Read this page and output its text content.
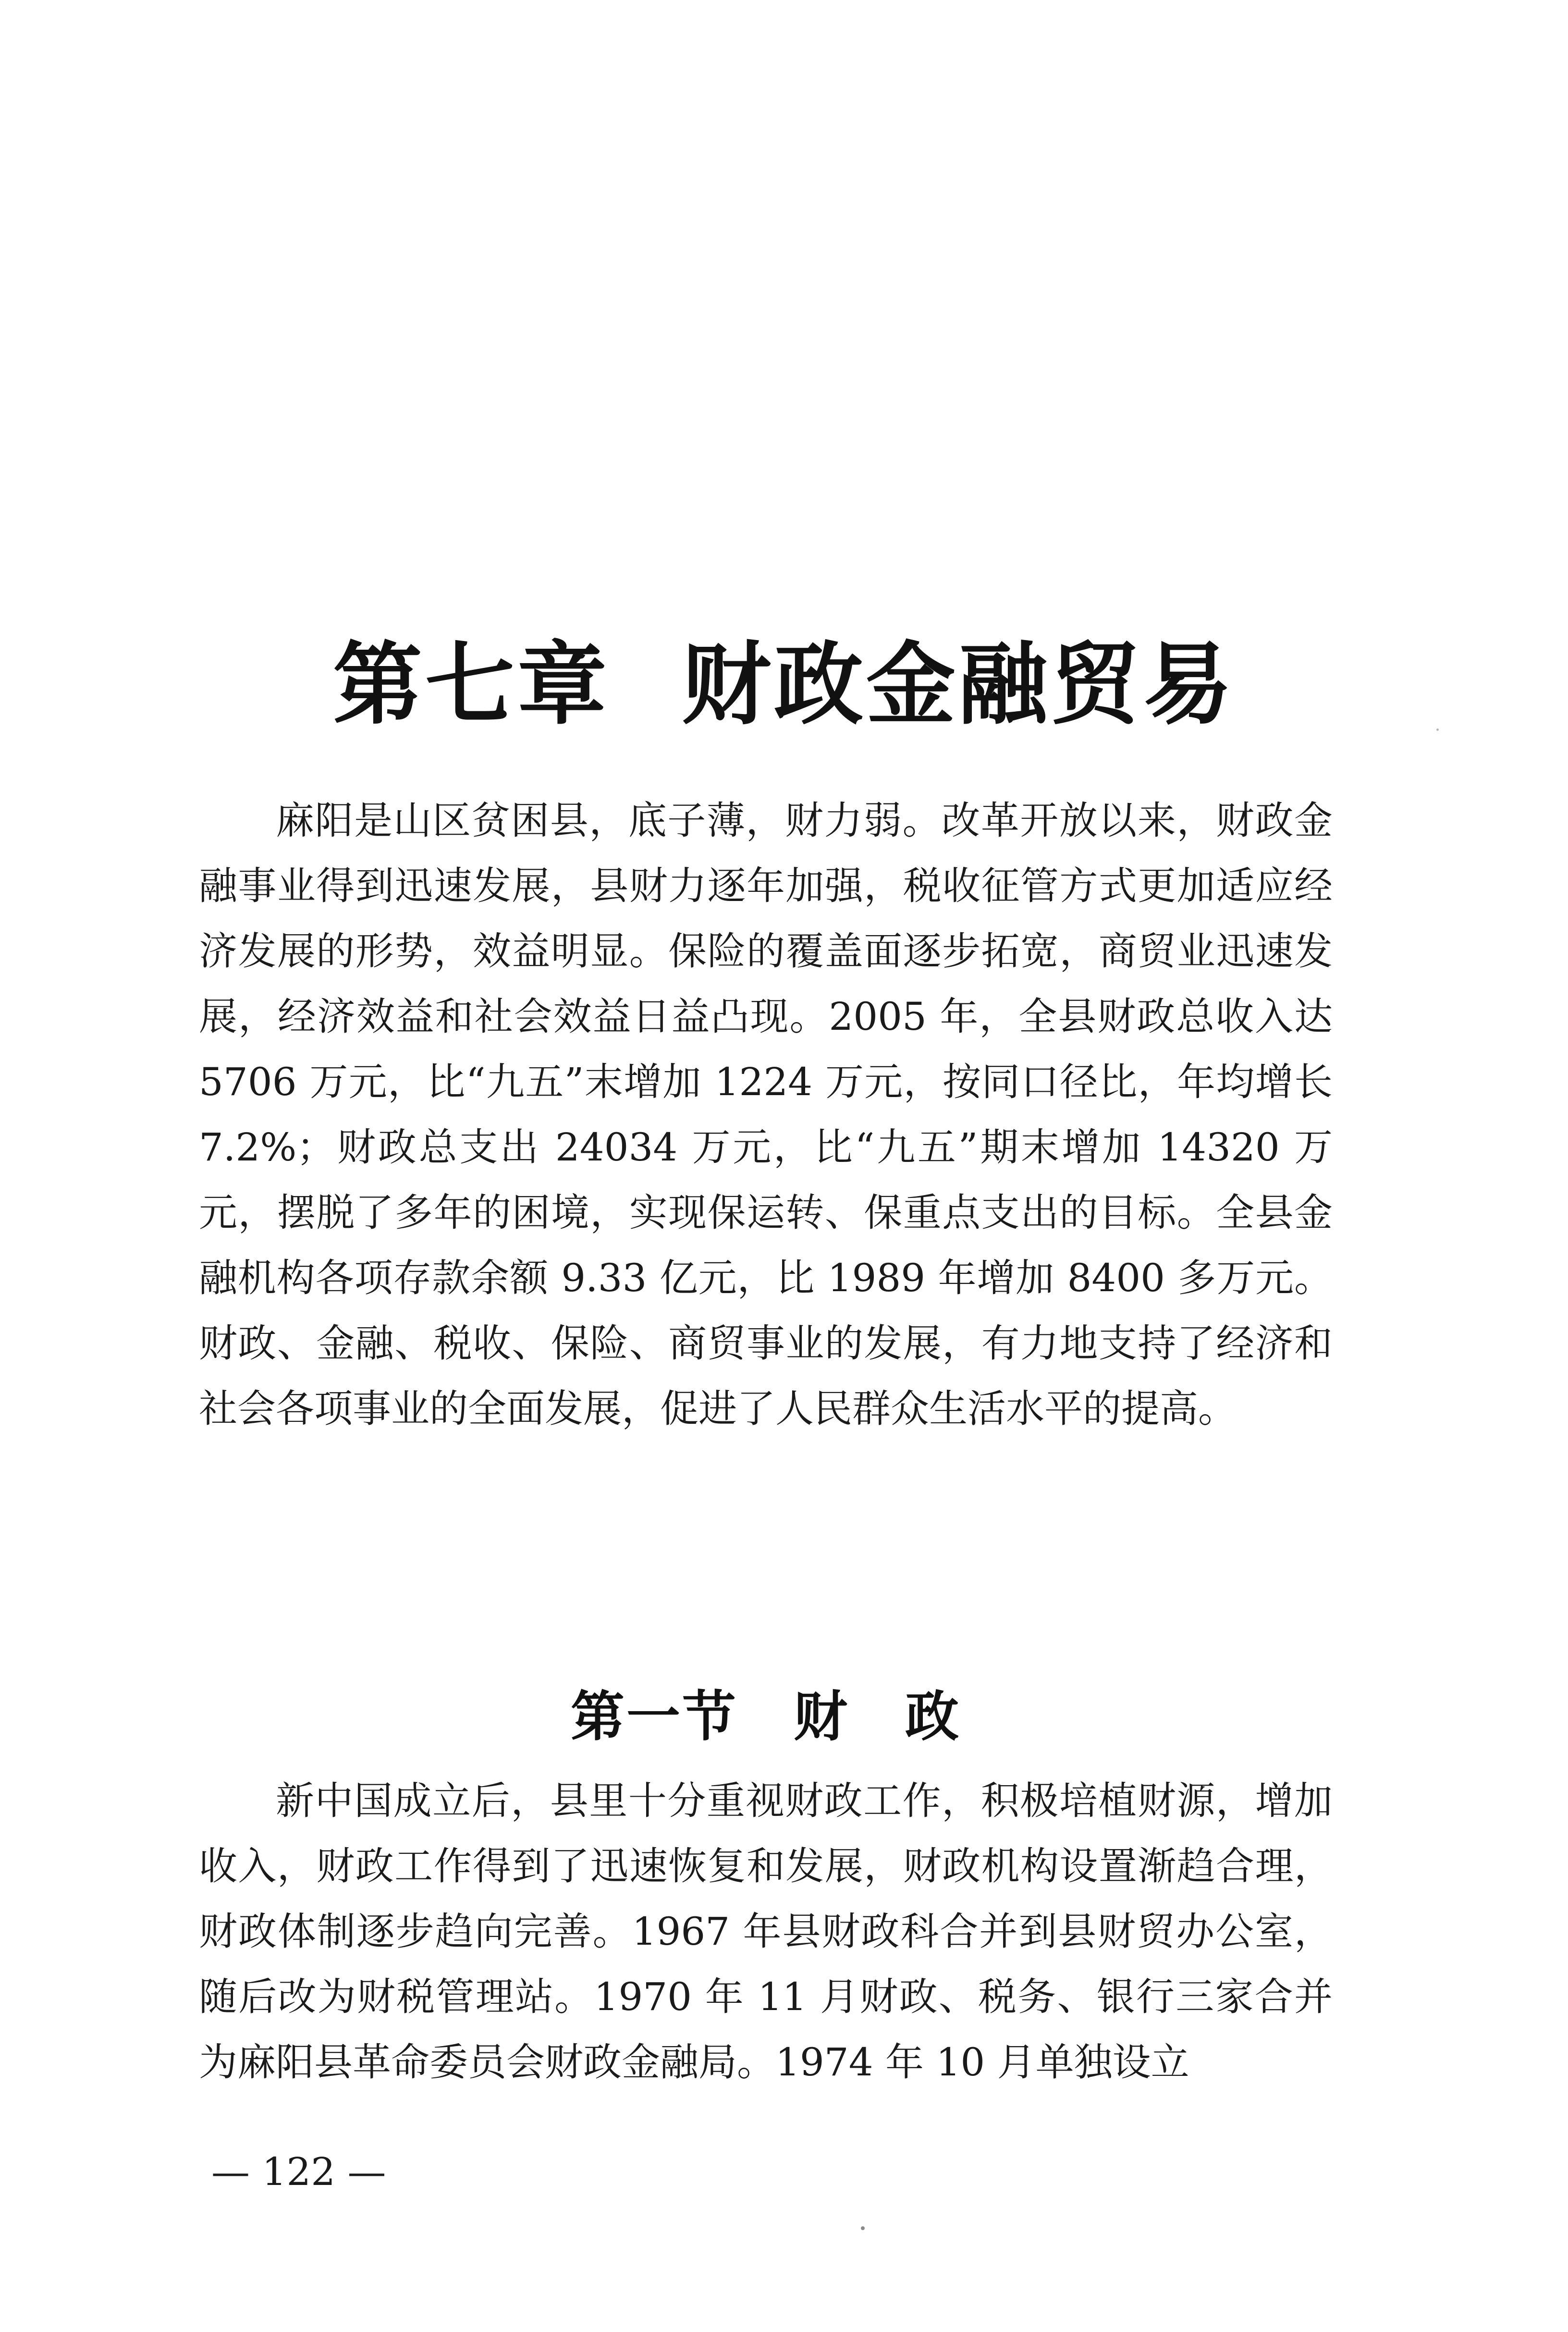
第七章 财政金融贸易

麻阳是山区贫困县，底子薄，财力弱。改革开放以来，财政金融事业得到迅速发展，县财力逐年加强，税收征管方式更加适应经济发展的形势，效益明显。保险的覆盖面逐步拓宽，商贸业迅速发展，经济效益和社会效益日益凸现。2005 年，全县财政总收入达 5706 万元，比“九五”末增加 1224 万元，按同口径比，年均增长 7.2%；财政总支出 24034 万元，比“九五”期末增加 14320 万元，摆脱了多年的困境，实现保运转、保重点支出的目标。全县金融机构各项存款余额 9.33 亿元，比 1989 年增加 8400 多万元。财政、金融、税收、保险、商贸事业的发展，有力地支持了经济和社会各项事业的全面发展，促进了人民群众生活水平的提高。

第一节　财　政

新中国成立后，县里十分重视财政工作，积极培植财源，增加收入，财政工作得到了迅速恢复和发展，财政机构设置渐趋合理，财政体制逐步趋向完善。1967 年县财政科合并到县财贸办公室，随后改为财税管理站。1970 年 11 月财政、税务、银行三家合并为麻阳县革命委员会财政金融局。1974 年 10 月单独设立

— 122 —
